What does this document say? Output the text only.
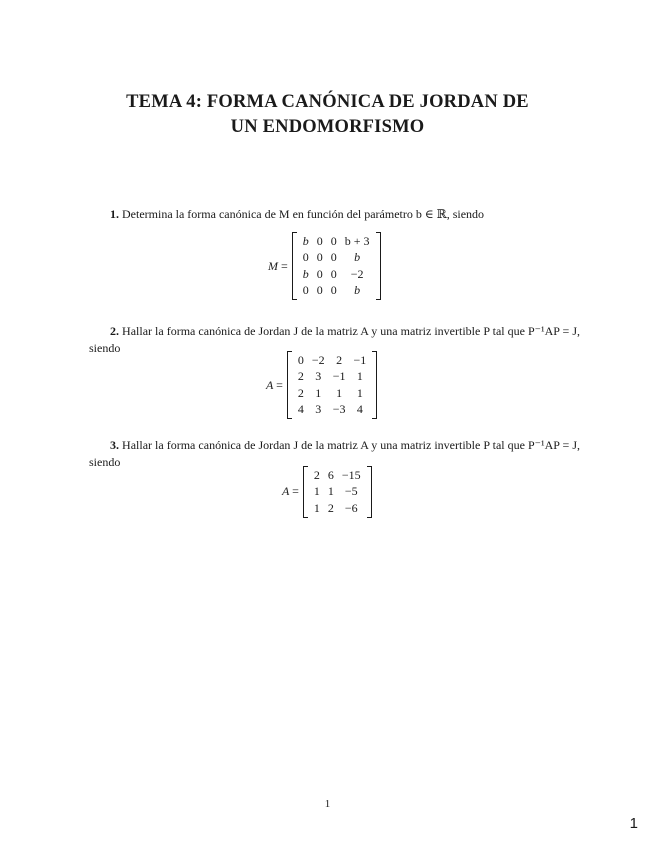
TEMA 4: FORMA CANÓNICA DE JORDAN DE
UN ENDOMORFISMO
1. Determina la forma canónica de M en función del parámetro b ∈ ℝ, siendo
M =
b	0	0	b + 3
0	0	0	b
b	0	0	−2
0	0	0	b
2. Hallar la forma canónica de Jordan J de la matriz A y una matriz invertible P tal que P⁻¹AP = J, siendo
A =
0	−2	2	−1
2	3	−1	1
2	1	1	1
4	3	−3	4
3. Hallar la forma canónica de Jordan J de la matriz A y una matriz invertible P tal que P⁻¹AP = J, siendo
A =
2	6	−15
1	1	−5
1	2	−6
1
1
